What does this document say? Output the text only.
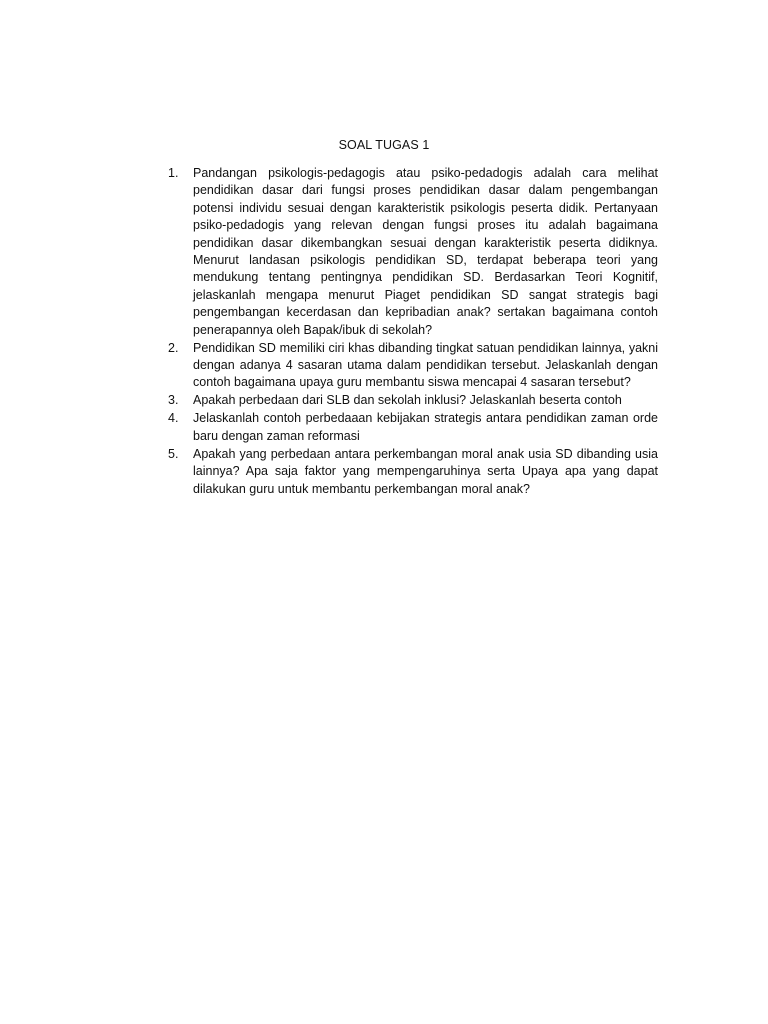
SOAL TUGAS 1
1.	Pandangan psikologis-pedagogis atau psiko-pedadogis adalah cara melihat pendidikan dasar dari fungsi proses pendidikan dasar dalam pengembangan potensi individu sesuai dengan karakteristik psikologis peserta didik. Pertanyaan psiko-pedadogis yang relevan dengan fungsi proses itu adalah bagaimana pendidikan dasar dikembangkan sesuai dengan karakteristik peserta didiknya. Menurut landasan psikologis pendidikan SD, terdapat beberapa teori yang mendukung tentang pentingnya pendidikan SD. Berdasarkan Teori Kognitif, jelaskanlah mengapa menurut Piaget pendidikan SD sangat strategis bagi pengembangan kecerdasan dan kepribadian anak? sertakan bagaimana contoh penerapannya oleh Bapak/ibuk di sekolah?
2.	Pendidikan SD memiliki ciri khas dibanding tingkat satuan pendidikan lainnya, yakni dengan adanya 4 sasaran utama dalam pendidikan tersebut. Jelaskanlah dengan contoh bagaimana upaya guru membantu siswa mencapai 4 sasaran tersebut?
3.	Apakah perbedaan dari SLB dan sekolah inklusi? Jelaskanlah beserta contoh
4.	Jelaskanlah contoh perbedaaan kebijakan strategis antara pendidikan zaman orde baru dengan zaman reformasi
5.	Apakah yang perbedaan antara perkembangan moral anak usia SD dibanding usia lainnya? Apa saja faktor yang mempengaruhinya serta Upaya apa yang dapat dilakukan guru untuk membantu perkembangan moral anak?
